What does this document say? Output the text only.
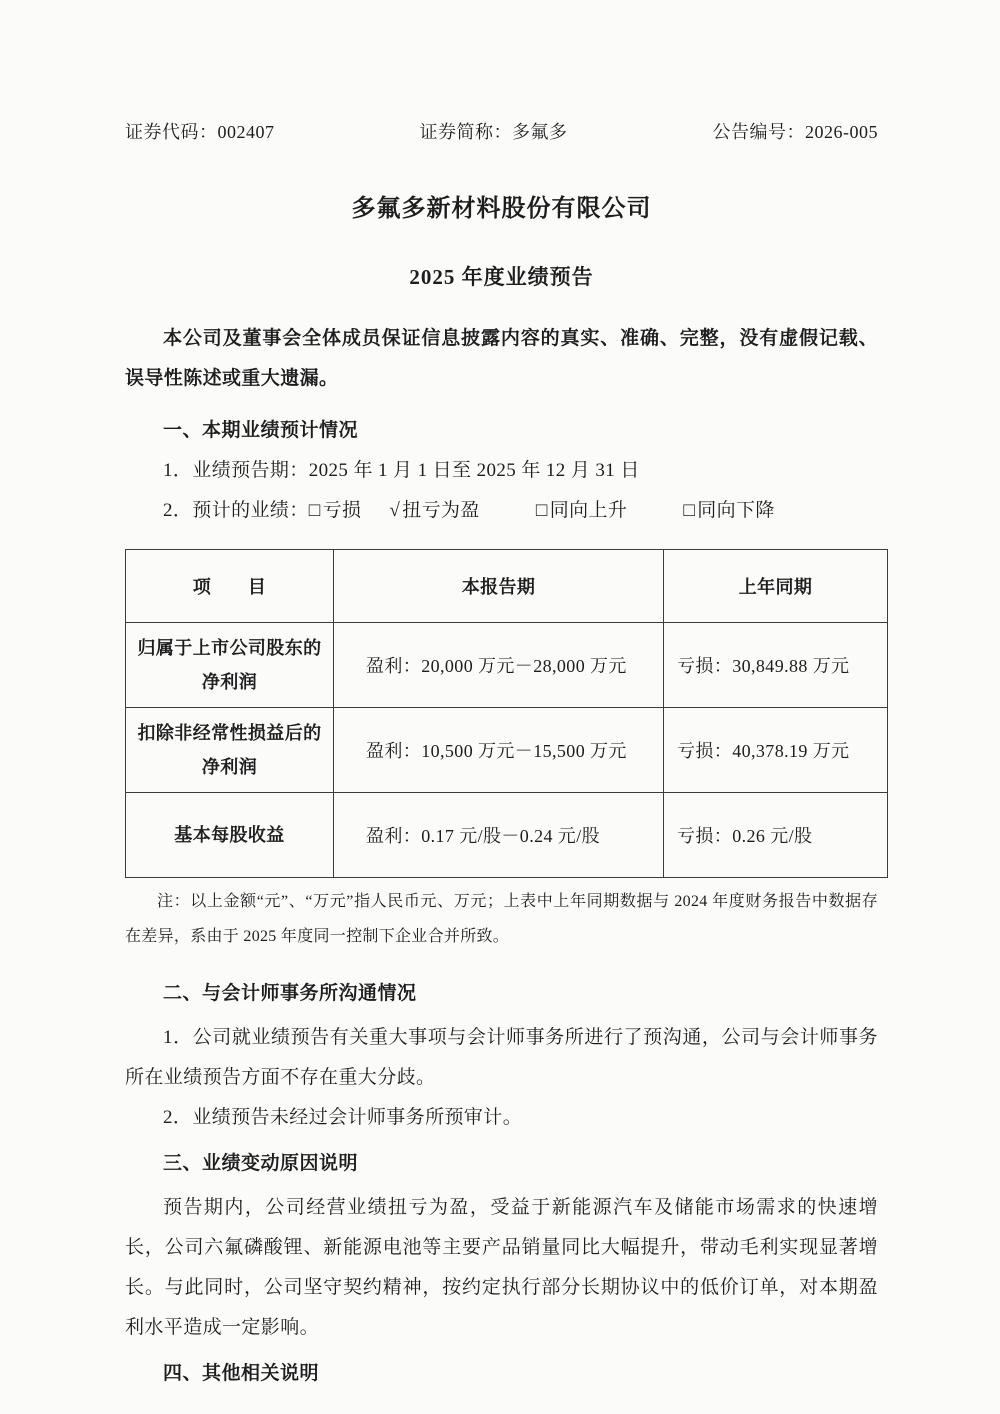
证券代码：002407	证券简称：多氟多	公告编号：2026-005
多氟多新材料股份有限公司
2025 年度业绩预告
本公司及董事会全体成员保证信息披露内容的真实、准确、完整，没有虚假记载、误导性陈述或重大遗漏。
一、本期业绩预计情况
1．业绩预告期：2025 年 1 月 1 日至 2025 年 12 月 31 日
2．预计的业绩： □ 亏损 √ 扭亏为盈	□ 同向上升	□ 同向下降
项　　目	本报告期	上年同期
归属于上市公司股东的净利润	盈利：20,000 万元－28,000 万元	亏损：30,849.88 万元
扣除非经常性损益后的净利润	盈利：10,500 万元－15,500 万元	亏损：40,378.19 万元
基本每股收益	盈利：0.17 元/股－0.24 元/股	亏损：0.26 元/股
注：以上金额“元”、“万元”指人民币元、万元；上表中上年同期数据与 2024 年度财务报告中数据存在差异，系由于 2025 年度同一控制下企业合并所致。
二、与会计师事务所沟通情况
1．公司就业绩预告有关重大事项与会计师事务所进行了预沟通，公司与会计师事务所在业绩预告方面不存在重大分歧。
2．业绩预告未经过会计师事务所预审计。
三、业绩变动原因说明
预告期内，公司经营业绩扭亏为盈，受益于新能源汽车及储能市场需求的快速增长，公司六氟磷酸锂、新能源电池等主要产品销量同比大幅提升，带动毛利实现显著增长。与此同时，公司坚守契约精神，按约定执行部分长期协议中的低价订单，对本期盈利水平造成一定影响。
四、其他相关说明
